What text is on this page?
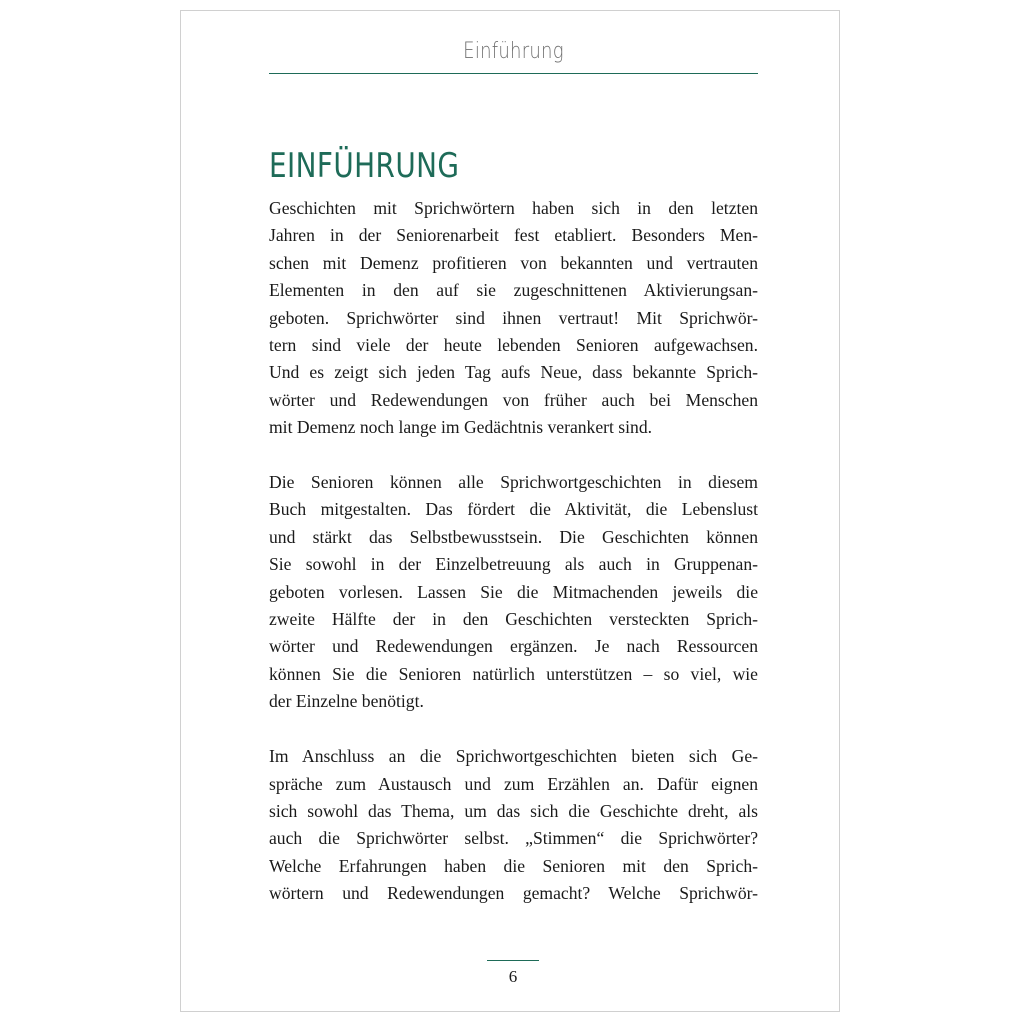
Einführung
EINFÜHRUNG

Geschichten mit Sprichwörtern haben sich in den letzten
Jahren in der Seniorenarbeit fest etabliert. Besonders Men-
schen mit Demenz profitieren von bekannten und vertrauten
Elementen in den auf sie zugeschnittenen Aktivierungsan-
geboten. Sprichwörter sind ihnen vertraut! Mit Sprichwör-
tern sind viele der heute lebenden Senioren aufgewachsen.
Und es zeigt sich jeden Tag aufs Neue, dass bekannte Sprich-
wörter und Redewendungen von früher auch bei Menschen
mit Demenz noch lange im Gedächtnis verankert sind.

Die Senioren können alle Sprichwortgeschichten in diesem
Buch mitgestalten. Das fördert die Aktivität, die Lebenslust
und stärkt das Selbstbewusstsein. Die Geschichten können
Sie sowohl in der Einzelbetreuung als auch in Gruppenan-
geboten vorlesen. Lassen Sie die Mitmachenden jeweils die
zweite Hälfte der in den Geschichten versteckten Sprich-
wörter und Redewendungen ergänzen. Je nach Ressourcen
können Sie die Senioren natürlich unterstützen – so viel, wie
der Einzelne benötigt.

Im Anschluss an die Sprichwortgeschichten bieten sich Ge-
spräche zum Austausch und zum Erzählen an. Dafür eignen
sich sowohl das Thema, um das sich die Geschichte dreht, als
auch die Sprichwörter selbst. „Stimmen“ die Sprichwörter?
Welche Erfahrungen haben die Senioren mit den Sprich-
wörtern und Redewendungen gemacht? Welche Sprichwör-

6
